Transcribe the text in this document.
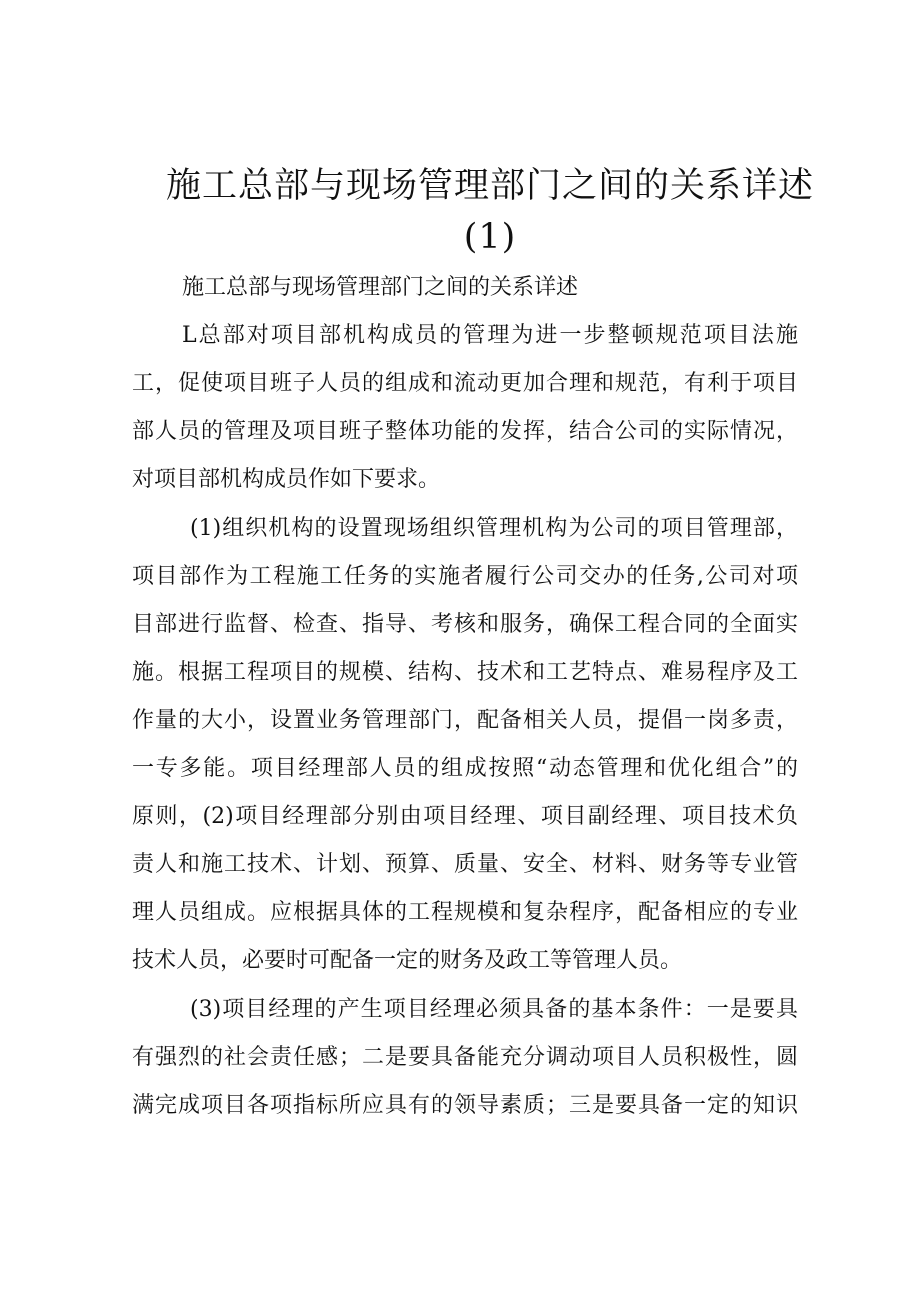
施工总部与现场管理部门之间的关系详述
(1)
施工总部与现场管理部门之间的关系详述
L总部对项目部机构成员的管理为进一步整顿规范项目法施
工，促使项目班子人员的组成和流动更加合理和规范，有利于项目
部人员的管理及项目班子整体功能的发挥，结合公司的实际情况，
对项目部机构成员作如下要求。
(1)组织机构的设置现场组织管理机构为公司的项目管理部，
项目部作为工程施工任务的实施者履行公司交办的任务,公司对项
目部进行监督、检查、指导、考核和服务，确保工程合同的全面实
施。根据工程项目的规模、结构、技术和工艺特点、难易程序及工
作量的大小，设置业务管理部门，配备相关人员，提倡一岗多责，
一专多能。项目经理部人员的组成按照“动态管理和优化组合”的
原则，(2)项目经理部分别由项目经理、项目副经理、项目技术负
责人和施工技术、计划、预算、质量、安全、材料、财务等专业管
理人员组成。应根据具体的工程规模和复杂程序，配备相应的专业
技术人员，必要时可配备一定的财务及政工等管理人员。
(3)项目经理的产生项目经理必须具备的基本条件：一是要具
有强烈的社会责任感；二是要具备能充分调动项目人员积极性，圆
满完成项目各项指标所应具有的领导素质；三是要具备一定的知识
